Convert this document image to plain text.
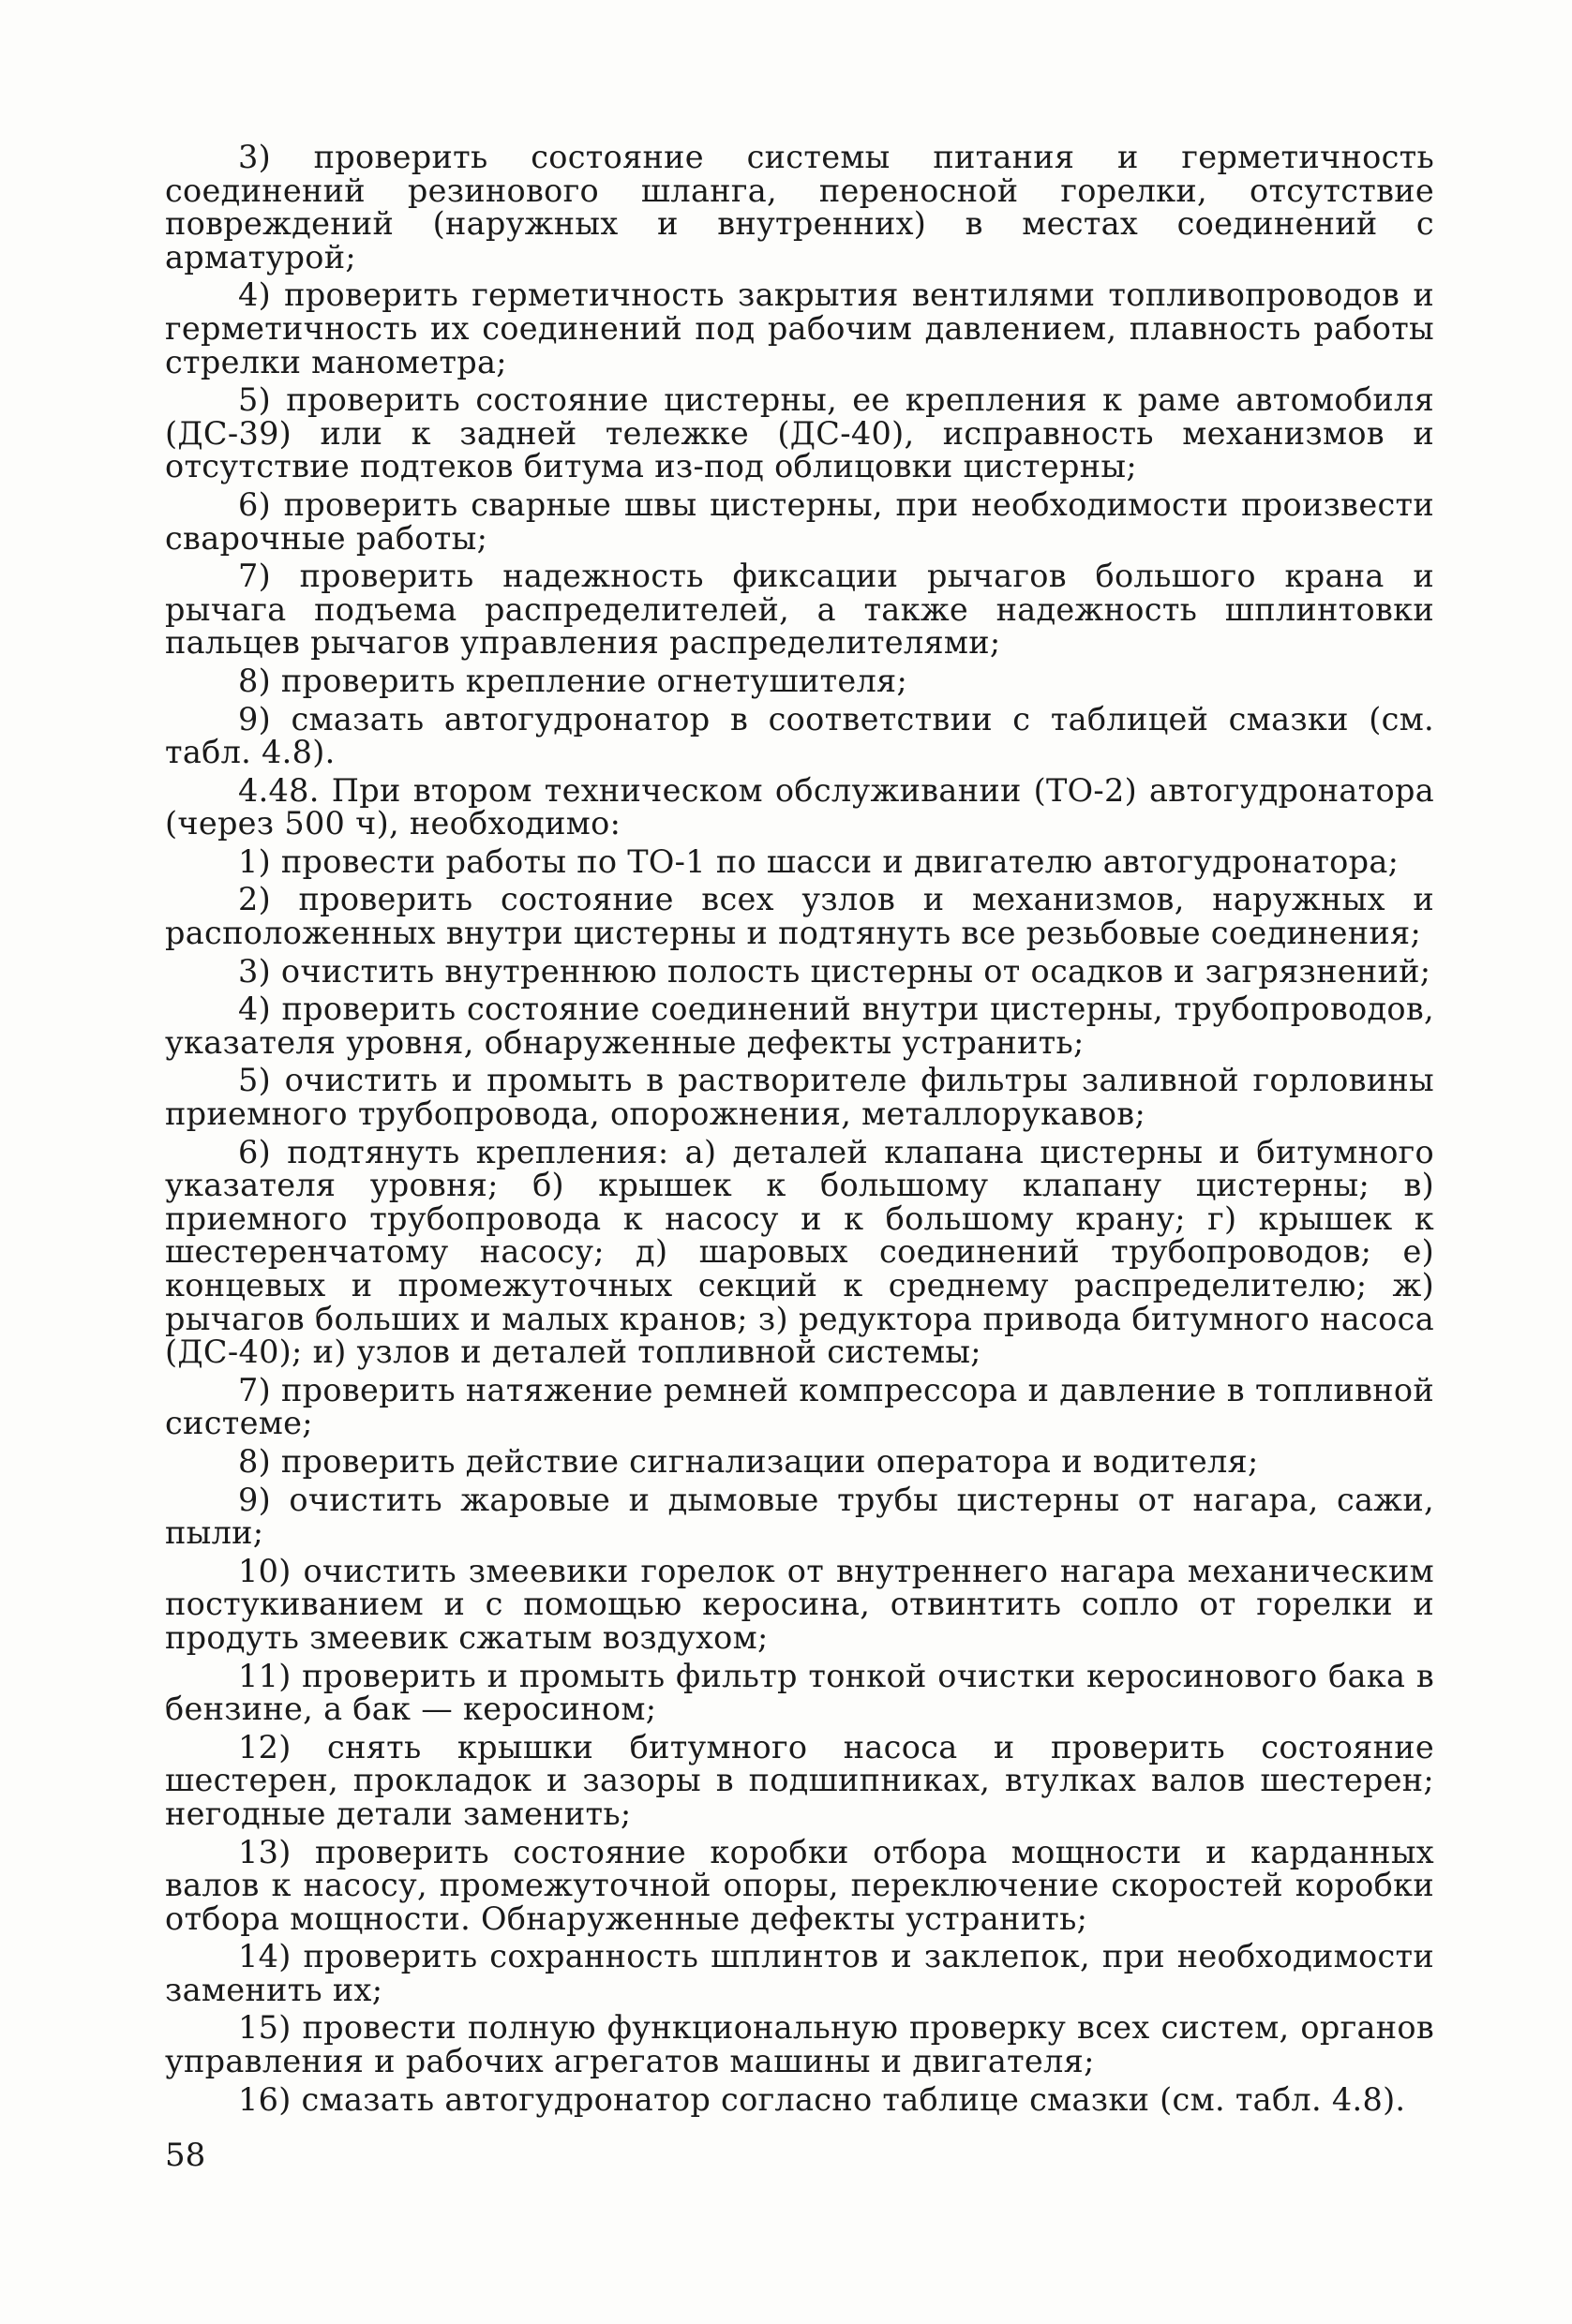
3) проверить состояние системы питания и герметичность соединений резинового шланга, переносной горелки, отсутствие повреждений (наружных и внутренних) в местах соединений с арматурой;

4) проверить герметичность закрытия вентилями топливопроводов и герметичность их соединений под рабочим давлением, плавность работы стрелки манометра;

5) проверить состояние цистерны, ее крепления к раме автомобиля (ДС-39) или к задней тележке (ДС-40), исправность механизмов и отсутствие подтеков битума из-под облицовки цистерны;

6) проверить сварные швы цистерны, при необходимости произвести сварочные работы;

7) проверить надежность фиксации рычагов большого крана и рычага подъема распределителей, а также надежность шплинтовки пальцев рычагов управления распределителями;

8) проверить крепление огнетушителя;

9) смазать автогудронатор в соответствии с таблицей смазки (см. табл. 4.8).

4.48. При втором техническом обслуживании (ТО-2) автогудронатора (через 500 ч), необходимо:

1) провести работы по ТО-1 по шасси и двигателю автогудронатора;

2) проверить состояние всех узлов и механизмов, наружных и расположенных внутри цистерны и подтянуть все резьбовые соединения;

3) очистить внутреннюю полость цистерны от осадков и загрязнений;

4) проверить состояние соединений внутри цистерны, трубопроводов, указателя уровня, обнаруженные дефекты устранить;

5) очистить и промыть в растворителе фильтры заливной горловины приемного трубопровода, опорожнения, металлорукавов;

6) подтянуть крепления: а) деталей клапана цистерны и битумного указателя уровня; б) крышек к большому клапану цистерны; в) приемного трубопровода к насосу и к большому крану; г) крышек к шестеренчатому насосу; д) шаровых соединений трубопроводов; е) концевых и промежуточных секций к среднему распределителю; ж) рычагов больших и малых кранов; з) редуктора привода битумного насоса (ДС-40); и) узлов и деталей топливной системы;

7) проверить натяжение ремней компрессора и давление в топливной системе;

8) проверить действие сигнализации оператора и водителя;

9) очистить жаровые и дымовые трубы цистерны от нагара, сажи, пыли;

10) очистить змеевики горелок от внутреннего нагара механическим постукиванием и с помощью керосина, отвинтить сопло от горелки и продуть змеевик сжатым воздухом;

11) проверить и промыть фильтр тонкой очистки керосинового бака в бензине, а бак — керосином;

12) снять крышки битумного насоса и проверить состояние шестерен, прокладок и зазоры в подшипниках, втулках валов шестерен; негодные детали заменить;

13) проверить состояние коробки отбора мощности и карданных валов к насосу, промежуточной опоры, переключение скоростей коробки отбора мощности. Обнаруженные дефекты устранить;

14) проверить сохранность шплинтов и заклепок, при необходимости заменить их;

15) провести полную функциональную проверку всех систем, органов управления и рабочих агрегатов машины и двигателя;

16) смазать автогудронатор согласно таблице смазки (см. табл. 4.8).

58
